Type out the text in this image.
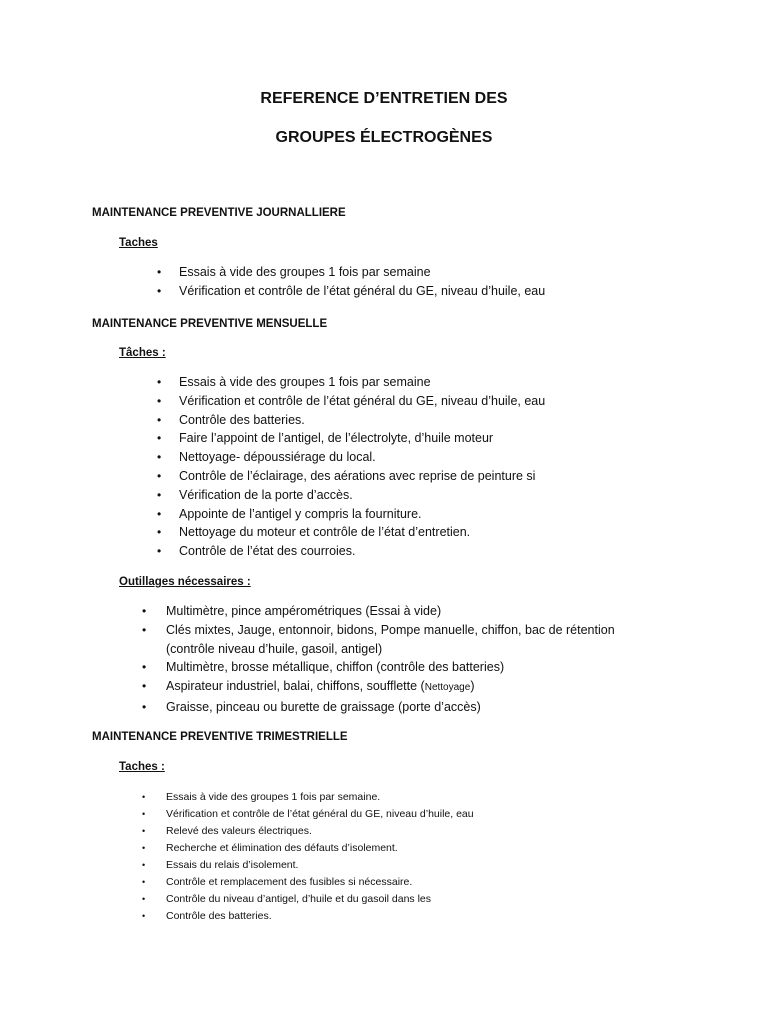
REFERENCE D’ENTRETIEN DES
GROUPES ÉLECTROGÈNES
MAINTENANCE PREVENTIVE JOURNALLIERE
Taches
• Essais à vide des groupes 1 fois par semaine
• Vérification et contrôle de l’état général du GE, niveau d’huile, eau
MAINTENANCE PREVENTIVE MENSUELLE
Tâches :
• Essais à vide des groupes 1 fois par semaine
• Vérification et contrôle de l’état général du GE, niveau d’huile, eau
• Contrôle des batteries.
• Faire l’appoint de l’antigel, de l’électrolyte, d’huile moteur
• Nettoyage- dépoussiérage du local.
• Contrôle de l’éclairage, des aérations avec reprise de peinture si
• Vérification de la porte d’accès.
• Appointe de l’antigel y compris la fourniture.
• Nettoyage du moteur et contrôle de l’état d’entretien.
• Contrôle de l’état des courroies.
Outillages nécessaires :
• Multimètre, pince ampérométriques (Essai à vide)
• Clés mixtes, Jauge, entonnoir, bidons, Pompe manuelle, chiffon, bac de rétention
(contrôle niveau d’huile, gasoil, antigel)
• Multimètre, brosse métallique, chiffon (contrôle des batteries)
• Aspirateur industriel, balai, chiffons, soufflette (Nettoyage)
• Graisse, pinceau ou burette de graissage (porte d’accès)
MAINTENANCE PREVENTIVE TRIMESTRIELLE
Taches :
• Essais à vide des groupes 1 fois par semaine.
• Vérification et contrôle de l’état général du GE, niveau d’huile, eau
• Relevé des valeurs électriques.
• Recherche et élimination des défauts d’isolement.
• Essais du relais d’isolement.
• Contrôle et remplacement des fusibles si nécessaire.
• Contrôle du niveau d’antigel, d’huile et du gasoil dans les
• Contrôle des batteries.
